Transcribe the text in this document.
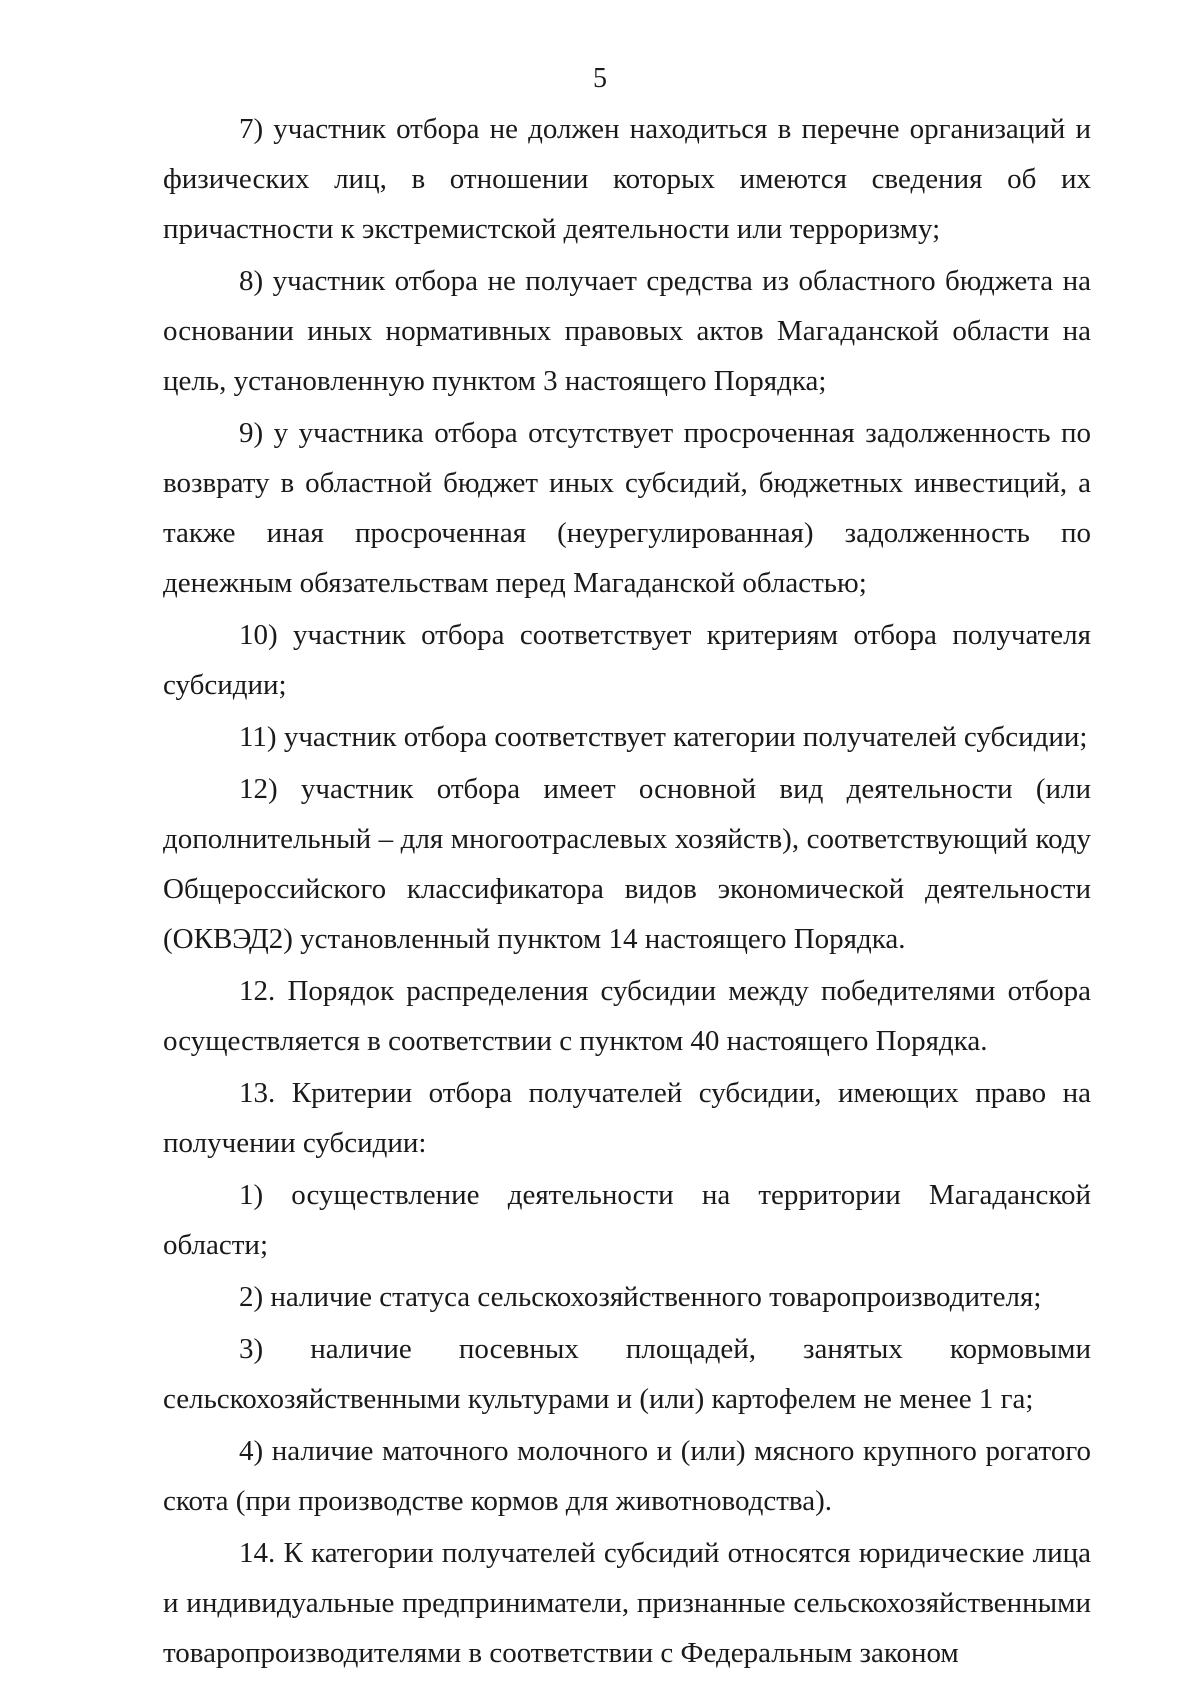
5

7) участник отбора не должен находиться в перечне организаций и физических лиц, в отношении которых имеются сведения об их причастности к экстремистской деятельности или терроризму;

8) участник отбора не получает средства из областного бюджета на основании иных нормативных правовых актов Магаданской области на цель, установленную пунктом 3 настоящего Порядка;

9) у участника отбора отсутствует просроченная задолженность по возврату в областной бюджет иных субсидий, бюджетных инвестиций, а также иная просроченная (неурегулированная) задолженность по денежным обязательствам перед Магаданской областью;

10) участник отбора соответствует критериям отбора получателя субсидии;

11) участник отбора соответствует категории получателей субсидии;

12) участник отбора имеет основной вид деятельности (или дополнительный – для многоотраслевых хозяйств), соответствующий коду Общероссийского классификатора видов экономической деятельности (ОКВЭД2) установленный пунктом 14 настоящего Порядка.

12. Порядок распределения субсидии между победителями отбора осуществляется в соответствии с пунктом 40 настоящего Порядка.

13. Критерии отбора получателей субсидии, имеющих право на получении субсидии:

1) осуществление деятельности на территории Магаданской области;

2) наличие статуса сельскохозяйственного товаропроизводителя;

3) наличие посевных площадей, занятых кормовыми сельскохозяйственными культурами и (или) картофелем не менее 1 га;

4) наличие маточного молочного и (или) мясного крупного рогатого скота (при производстве кормов для животноводства).

14. К категории получателей субсидий относятся юридические лица и индивидуальные предприниматели, признанные сельскохозяйственными товаропроизводителями в соответствии с Федеральным законом
